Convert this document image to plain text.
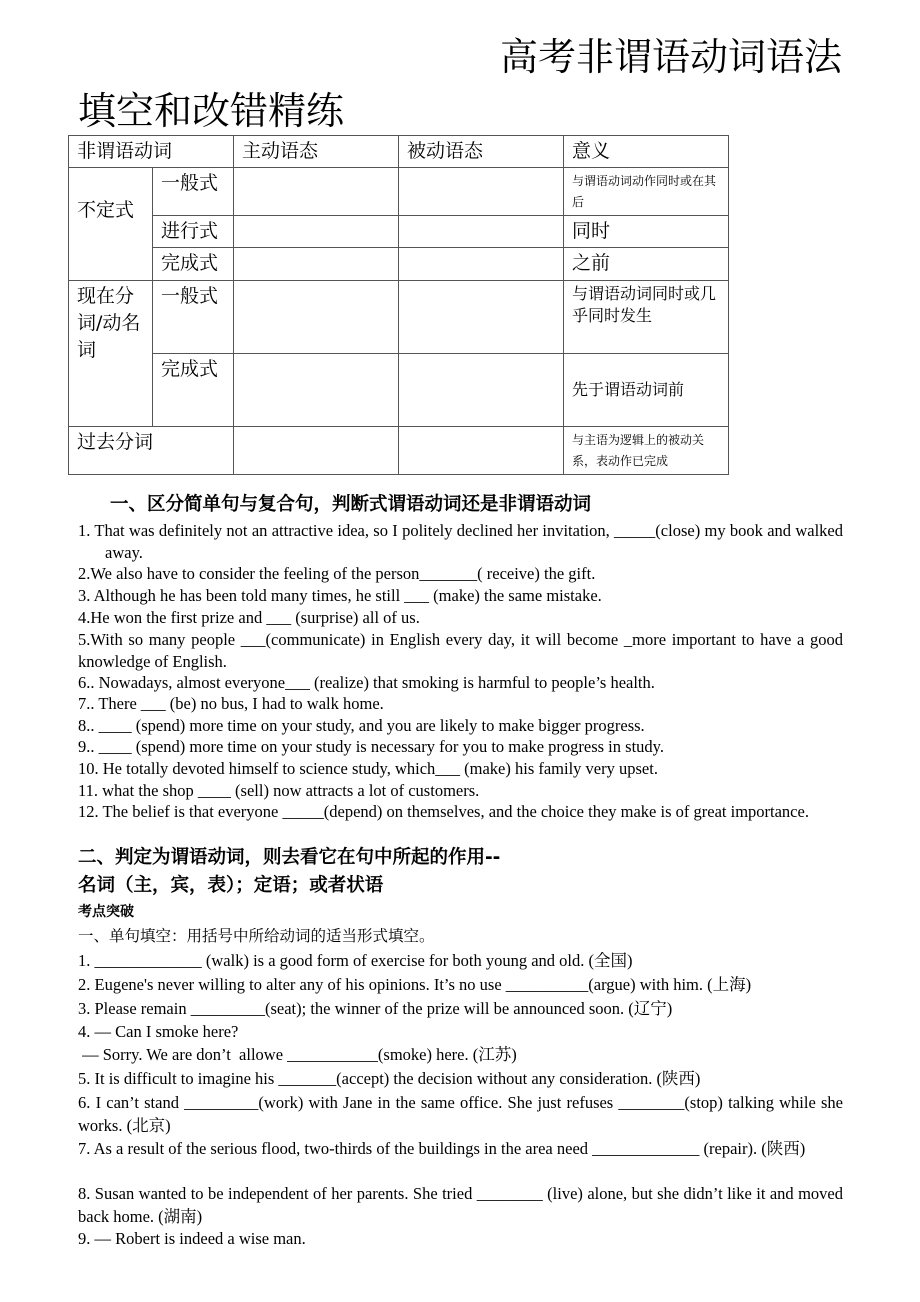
高考非谓语动词语法
填空和改错精练
非谓语动词		主动语态	被动语态	意义
不定式	一般式			与谓语动词动作同时或在其后
	进行式			同时
	完成式			之前
现在分词/动名词	一般式			与谓语动词同时或几乎同时发生
	完成式			先于谓语动词前
过去分词				与主语为逻辑上的被动关系，表动作已完成
一、区分简单句与复合句，判断式谓语动词还是非谓语动词
1. That was definitely not an attractive idea, so I politely declined her invitation, _____(close) my book and walked away.
2.We also have to consider the feeling of the person_______( receive) the gift.
3. Although he has been told many times, he still ___ (make) the same mistake.
4.He won the first prize and ___ (surprise) all of us.
5.With so many people ___(communicate) in English every day, it will become _more important to have a good knowledge of English.
6.. Nowadays, almost everyone___ (realize) that smoking is harmful to people’s health.
7.. There ___ (be) no bus, I had to walk home.
8.. ____ (spend) more time on your study, and you are likely to make bigger progress.
9.. ____ (spend) more time on your study is necessary for you to make progress in study.
10. He totally devoted himself to science study, which___ (make) his family very upset.
11. what the shop ____ (sell) now attracts a lot of customers.
12. The belief is that everyone _____(depend) on themselves, and the choice they make is of great importance.
二、判定为谓语动词，则去看它在句中所起的作用--
名词（主，宾，表）；定语；或者状语
考点突破
一、单句填空：用括号中所给动词的适当形式填空。
1. _____________ (walk) is a good form of exercise for both young and old. (全国)
2. Eugene's never willing to alter any of his opinions. It’s no use __________(argue) with him. (上海)
3. Please remain _________(seat); the winner of the prize will be announced soon. (辽宁)
4. — Can I smoke here?
— Sorry. We are don’t  allowe ___________(smoke) here. (江苏)
5. It is difficult to imagine his _______(accept) the decision without any consideration. (陕西)
6. I can’t stand _________(work) with Jane in the same office. She just refuses ________(stop) talking while she works. (北京)
7. As a result of the serious flood, two-thirds of the buildings in the area need _____________ (repair). (陕西)
8. Susan wanted to be independent of her parents. She tried ________ (live) alone, but she didn’t like it and moved back home. (湖南)
9. — Robert is indeed a wise man.
